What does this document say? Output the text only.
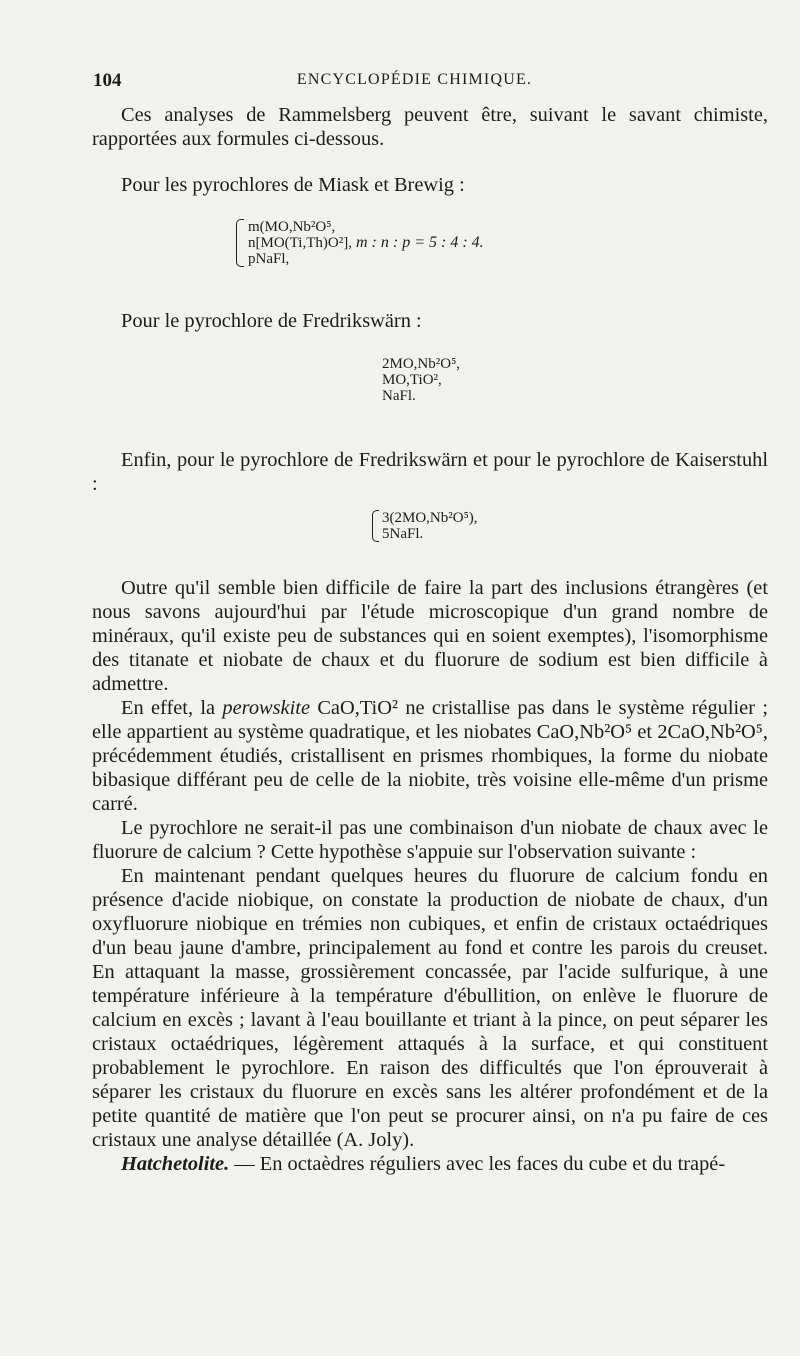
104	ENCYCLOPÉDIE CHIMIQUE.

Ces analyses de Rammelsberg peuvent être, suivant le savant chimiste, rapportées aux formules ci-dessous.

Pour les pyrochlores de Miask et Brewig :

m(MO,Nb²O⁵,
n[MO(Ti,Th)O²],
pNaFl,
m : n : p = 5 : 4 : 4.

Pour le pyrochlore de Fredrikswärn :

2MO,Nb²O⁵,
MO,TiO²,
NaFl.

Enfin, pour le pyrochlore de Fredrikswärn et pour le pyrochlore de Kaiserstuhl :

3(2MO,Nb²O⁵),
5NaFl.

Outre qu'il semble bien difficile de faire la part des inclusions étrangères (et nous savons aujourd'hui par l'étude microscopique d'un grand nombre de minéraux, qu'il existe peu de substances qui en soient exemptes), l'isomorphisme des titanate et niobate de chaux et du fluorure de sodium est bien difficile à admettre.

En effet, la perowskite CaO,TiO² ne cristallise pas dans le système régulier ; elle appartient au système quadratique, et les niobates CaO,Nb²O⁵ et 2CaO,Nb²O⁵, précédemment étudiés, cristallisent en prismes rhombiques, la forme du niobate bibasique différant peu de celle de la niobite, très voisine elle-même d'un prisme carré.

Le pyrochlore ne serait-il pas une combinaison d'un niobate de chaux avec le fluorure de calcium ? Cette hypothèse s'appuie sur l'observation suivante :

En maintenant pendant quelques heures du fluorure de calcium fondu en présence d'acide niobique, on constate la production de niobate de chaux, d'un oxyfluorure niobique en trémies non cubiques, et enfin de cristaux octaédriques d'un beau jaune d'ambre, principalement au fond et contre les parois du creuset. En attaquant la masse, grossièrement concassée, par l'acide sulfurique, à une température inférieure à la température d'ébullition, on enlève le fluorure de calcium en excès ; lavant à l'eau bouillante et triant à la pince, on peut séparer les cristaux octaédriques, légèrement attaqués à la surface, et qui constituent probablement le pyrochlore. En raison des difficultés que l'on éprouverait à séparer les cristaux du fluorure en excès sans les altérer profondément et de la petite quantité de matière que l'on peut se procurer ainsi, on n'a pu faire de ces cristaux une analyse détaillée (A. Joly).

Hatchetolite. — En octaèdres réguliers avec les faces du cube et du trapé-
